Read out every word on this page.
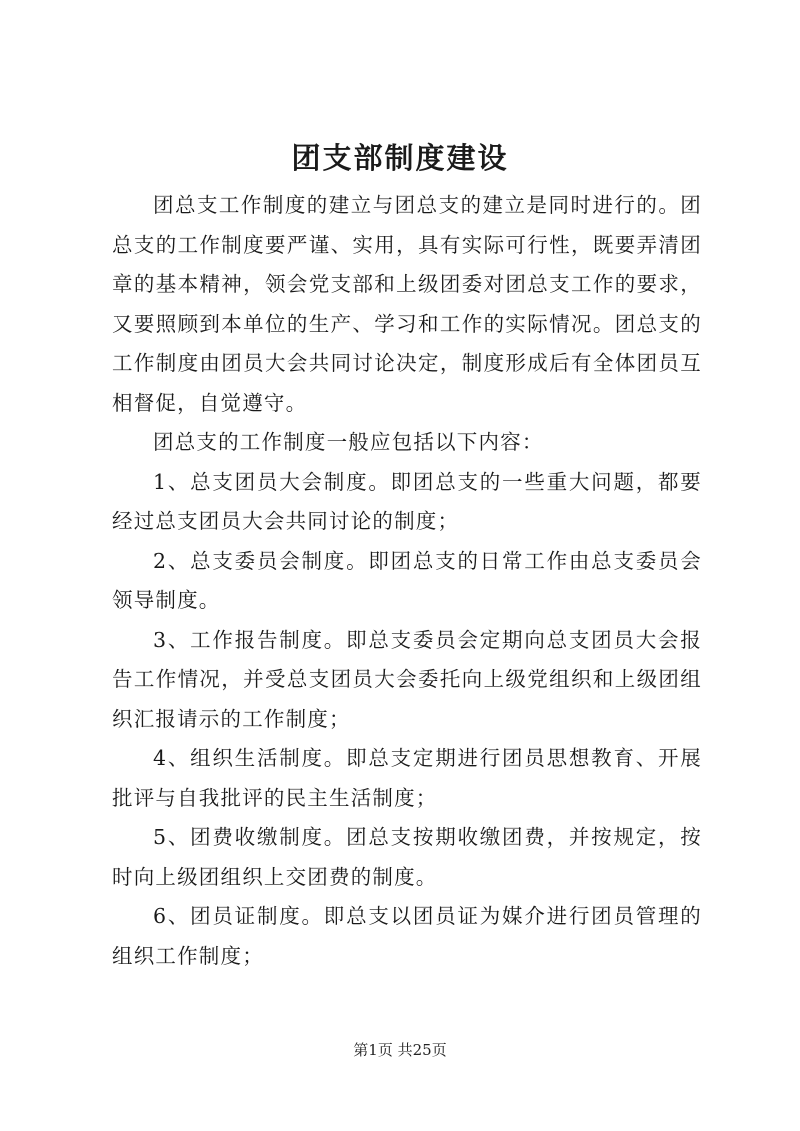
团支部制度建设

团总支工作制度的建立与团总支的建立是同时进行的。团总支的工作制度要严谨、实用，具有实际可行性，既要弄清团章的基本精神，领会党支部和上级团委对团总支工作的要求，又要照顾到本单位的生产、学习和工作的实际情况。团总支的工作制度由团员大会共同讨论决定，制度形成后有全体团员互相督促，自觉遵守。

团总支的工作制度一般应包括以下内容：

1、总支团员大会制度。即团总支的一些重大问题，都要经过总支团员大会共同讨论的制度；

2、总支委员会制度。即团总支的日常工作由总支委员会领导制度。

3、工作报告制度。即总支委员会定期向总支团员大会报告工作情况，并受总支团员大会委托向上级党组织和上级团组织汇报请示的工作制度；

4、组织生活制度。即总支定期进行团员思想教育、开展批评与自我批评的民主生活制度；

5、团费收缴制度。团总支按期收缴团费，并按规定，按时向上级团组织上交团费的制度。

6、团员证制度。即总支以团员证为媒介进行团员管理的组织工作制度；

第1页 共25页
